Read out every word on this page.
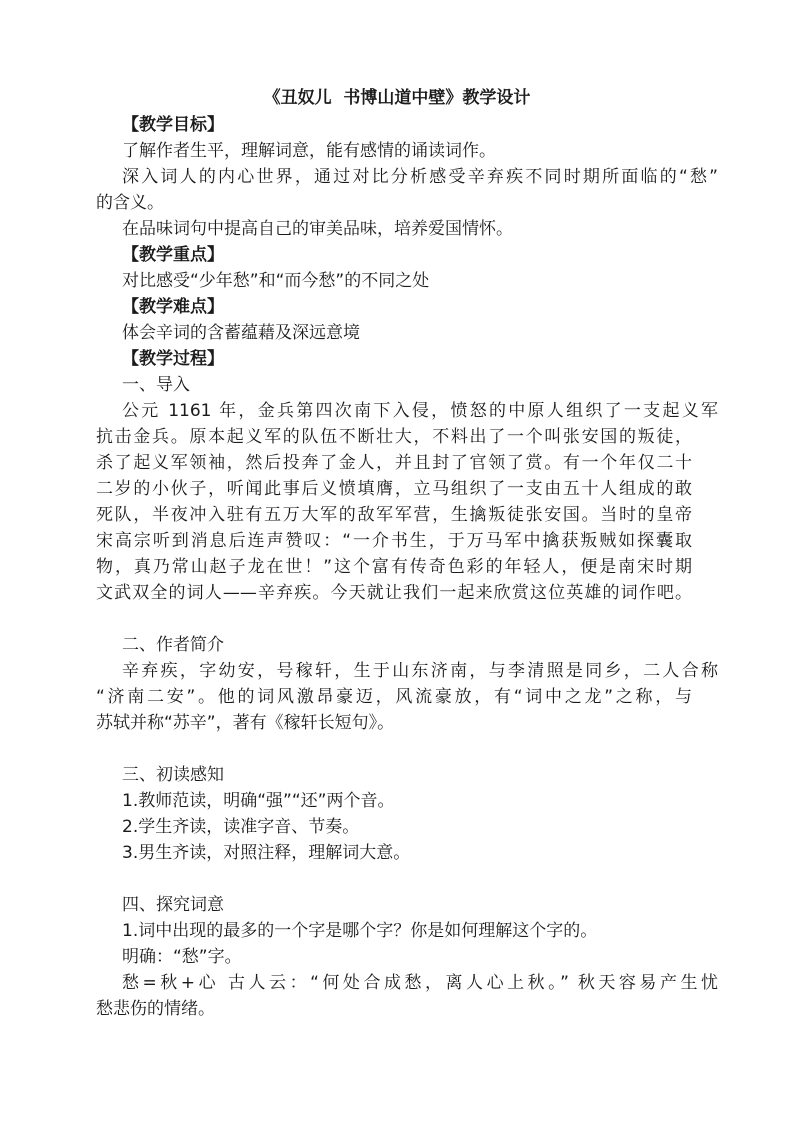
《丑奴儿  书博山道中壁》教学设计
【教学目标】
了解作者生平，理解词意，能有感情的诵读词作。
深入词人的内心世界，通过对比分析感受辛弃疾不同时期所面临的“愁”
的含义。
在品味词句中提高自己的审美品味，培养爱国情怀。
【教学重点】
对比感受“少年愁”和“而今愁”的不同之处
【教学难点】
体会辛词的含蓄蕴藉及深远意境
【教学过程】
一、导入
公元 1161 年，金兵第四次南下入侵，愤怒的中原人组织了一支起义军
抗击金兵。原本起义军的队伍不断壮大，不料出了一个叫张安国的叛徒，
杀了起义军领袖，然后投奔了金人，并且封了官领了赏。有一个年仅二十
二岁的小伙子，听闻此事后义愤填膺，立马组织了一支由五十人组成的敢
死队，半夜冲入驻有五万大军的敌军军营，生擒叛徒张安国。当时的皇帝
宋高宗听到消息后连声赞叹：“一介书生，于万马军中擒获叛贼如探囊取
物，真乃常山赵子龙在世！”这个富有传奇色彩的年轻人，便是南宋时期
文武双全的词人——辛弃疾。今天就让我们一起来欣赏这位英雄的词作吧。
二、作者简介
辛弃疾，字幼安，号稼轩，生于山东济南，与李清照是同乡，二人合称
“济南二安”。他的词风激昂豪迈，风流豪放，有“词中之龙”之称，与
苏轼并称“苏辛”，著有《稼轩长短句》。
三、初读感知
1.教师范读，明确“强”“还”两个音。
2.学生齐读，读准字音、节奏。
3.男生齐读，对照注释，理解词大意。
四、探究词意
1.词中出现的最多的一个字是哪个字？你是如何理解这个字的。
明确：“愁”字。
愁=秋+心 古人云：“何处合成愁，离人心上秋。” 秋天容易产生忧
愁悲伤的情绪。
